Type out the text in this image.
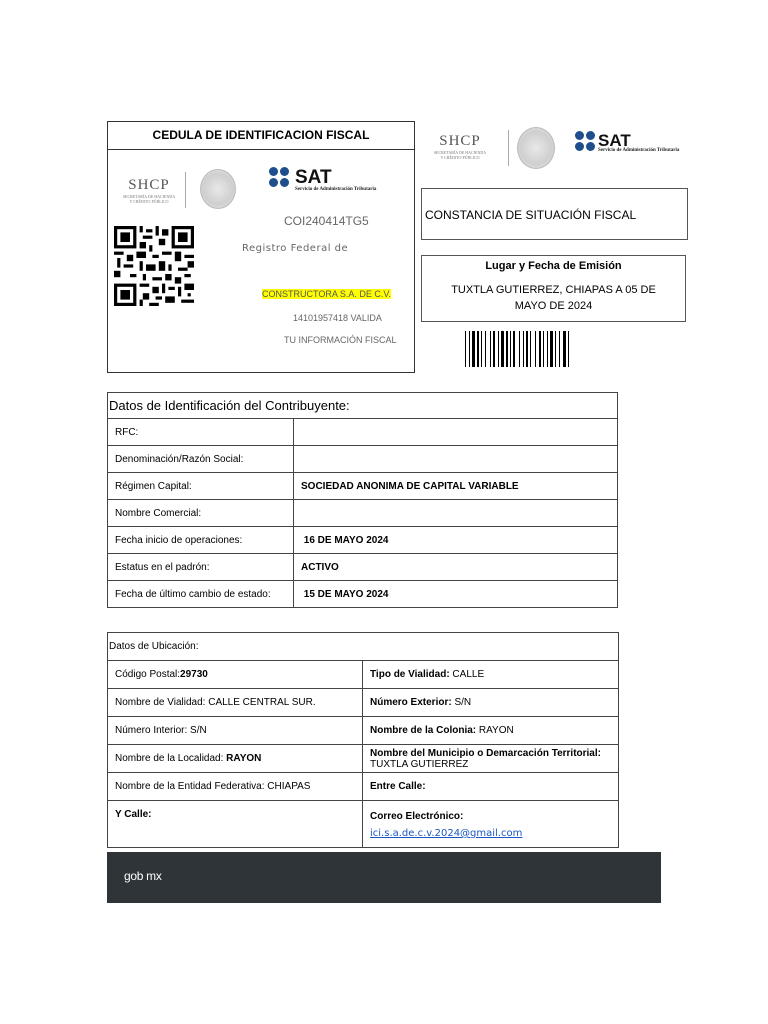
CEDULA DE IDENTIFICACION FISCAL
SHCP
SECRETARÍA DE HACIENDA
Y CRÉDITO PÚBLICO
SAT
Servicio de Administración Tributaria
COI240414TG5
Registro Federal de
CONSTRUCTORA S.A. DE C.V.
14101957418 VALIDA
TU INFORMACIÓN FISCAL
SHCP
SECRETARÍA DE HACIENDA
Y CRÉDITO PÚBLICO
SAT
Servicio de Administración Tributaria
CONSTANCIA DE SITUACIÓN FISCAL
Lugar y Fecha de Emisión
TUXTLA GUTIERREZ, CHIAPAS A 05 DE MAYO DE 2024
Datos de Identificación del Contribuyente:	
RFC:	
Denominación/Razón Social:	
Régimen Capital:	SOCIEDAD ANONIMA DE CAPITAL VARIABLE
Nombre Comercial:	
Fecha inicio de operaciones:	16 DE MAYO 2024
Estatus en el padrón:	ACTIVO
Fecha de último cambio de estado:	15 DE MAYO 2024
Datos de Ubicación:	
Código Postal:29730	Tipo de Vialidad: CALLE
Nombre de Vialidad: CALLE CENTRAL SUR.	Número Exterior: S/N
Número Interior: S/N	Nombre de la Colonia: RAYON
Nombre de la Localidad: RAYON	Nombre del Municipio o Demarcación Territorial:
TUXTLA GUTIERREZ

Nombre de la Entidad Federativa: CHIAPAS	Entre Calle:
Y Calle:	Correo Electrónico:
ici.s.a.de.c.v.2024@gmail.com
gob mx
